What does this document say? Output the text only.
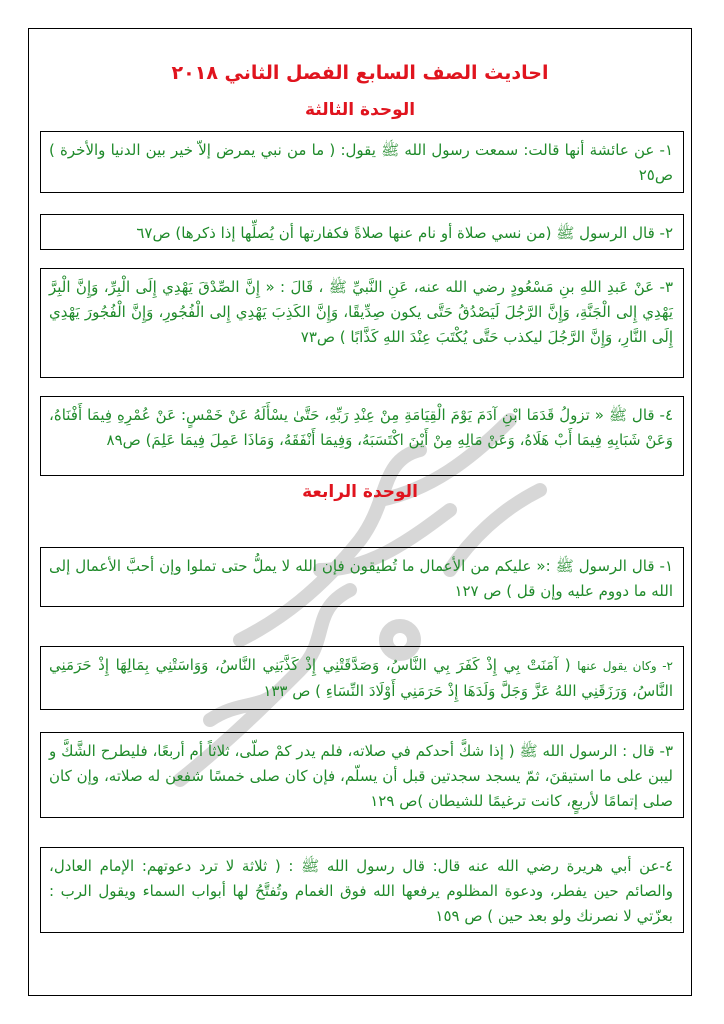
احاديث الصف السابع الفصل الثاني ٢٠١٨
الوحدة الثالثة

١- عن عائشة أنها قالت: سمعت رسول الله ﷺ يقول: ( ما من نبي يمرض إلاّ خير بين الدنيا والأخرة ) ص٢٥

٢- قال الرسول ﷺ (من نسي صلاة أو نام عنها صلاةً فكفارتها أن يُصلِّها إذا ذكرها) ص٦٧

٣- عَنْ عَبدِ اللهِ بنِ مَسْعُودٍ رضي الله عنه، عَنِ النَّبيِّ ﷺ ، قَالَ : « إِنَّ الصِّدْقَ يَهْدِي إِلَى الْبِرِّ، وَإِنَّ الْبِرَّ يَهْدِي إِلى الْجَنَّةِ، وَإِنَّ الرَّجُلَ لَيَصْدُقُ حَتَّى يكون صِدِّيقًا، وَإِنَّ الكَذِبَ يَهْدِي إِلى الْفُجُورِ، وَإِنَّ الْفُجُورَ يَهْدِي إِلَى النَّارِ، وَإِنَّ الرَّجُلَ ليكذب حَتَّى يُكْتَبَ عِنْدَ اللهِ كَذَّابًا ) ص٧٣

٤- قال ﷺ « تزولُ قَدَمَا ابْنِ آدَمَ يَوْمَ الْقِيَامَةِ مِنْ عِنْدِ رَبِّهِ، حَتَّىٰ يسْأَلَهُ عَنْ خَمْسٍ: عَنْ عُمْرِهِ فِيمَا أَفْنَاهُ، وَعَنْ شَبَابِهِ فِيمَا أَبْ هَلَاهُ، وَعَنْ مَالِهِ مِنْ أَيْنَ اكْتَسَبَهُ، وَفِيمَا أَنْفَقَهُ، وَمَاذَا عَمِلَ فِيمَا عَلِمَ) ص٨٩

الوحدة الرابعة

١- قال الرسول ﷺ :« عليكم من الأعمال ما تُطيقون فإن الله لا يملُّ حتى تملوا وإن أحبَّ الأعمال إلى الله ما دووم عليه وإن قل ) ص ١٢٧

٢- وكان يقول عنها ( آمَنَتْ بِي إِذْ كَفَرَ بِي النَّاسُ، وَصَدَّقَتْنِي إِذْ كَذَّبَنِي النَّاسُ، وَوَاسَتْنِي بِمَالِهَا إِذْ حَرَمَنِي النَّاسُ، وَرَزَقَنِي اللهُ عَزَّ وَجَلَّ وَلَدَهَا إِذْ حَرَمَنِي أَوْلَادَ النِّسَاءِ ) ص ١٣٣

٣- قال : الرسول الله ﷺ ( إذا شكَّ أحدكم في صلاته، فلم يدر كمْ صلّى، ثلاثاً أم أربعًا، فليطرح الشَّكَّ و ليبن على ما استيقنَ، ثمّ يسجد سجدتين قبل أن يسلّم، فإن كان صلى خمسًا شفعن له صلاته، وإن كان صلى إتمامًا لأربعٍ، كانت ترغيمًا للشيطان )ص ١٢٩

٤-عن أبي هريرة رضي الله عنه قال: قال رسول الله ﷺ : ( ثلاثة لا ترد دعوتهم: الإمام العادل، والصائم حين يفطر، ودعوة المظلوم يرفعها الله فوق الغمام وتُفتَّحُ لها أبواب السماء ويقول الرب : بعزّتي لا نصرنك ولو بعد حين ) ص ١٥٩
